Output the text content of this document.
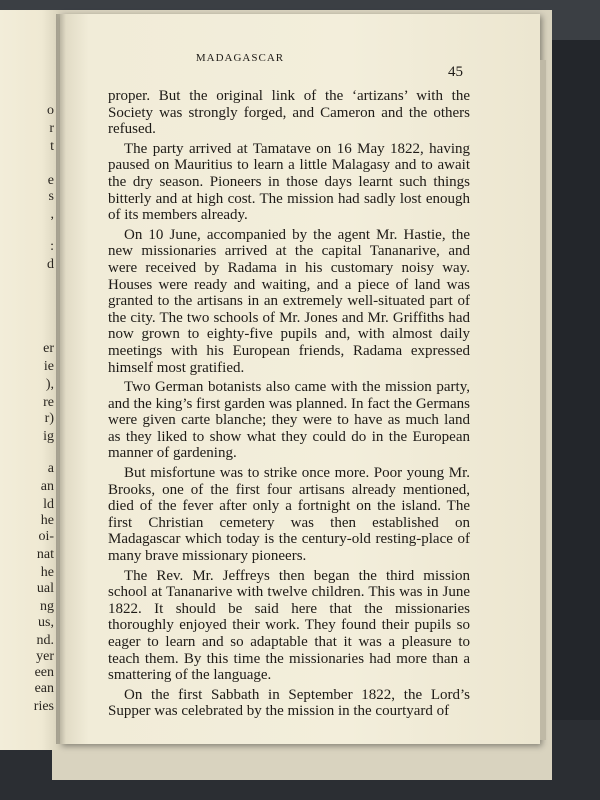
o
r
t
e
s
,
:
d
er
ie
),
re
r)
ig
a
an
ld
he
oi-
nat
he
ual
ng
us,
nd.
yer
een
ean
ries
MADAGASCAR
45

proper. But the original link of the ‘artizans’ with the Society was strongly forged, and Cameron and the others refused.

The party arrived at Tamatave on 16 May 1822, having paused on Mauritius to learn a little Malagasy and to await the dry season. Pioneers in those days learnt such things bitterly and at high cost. The mission had sadly lost enough of its members already.

On 10 June, accompanied by the agent Mr. Hastie, the new missionaries arrived at the capital Tananarive, and were received by Radama in his customary noisy way. Houses were ready and waiting, and a piece of land was granted to the artisans in an extremely well-situated part of the city. The two schools of Mr. Jones and Mr. Griffiths had now grown to eighty-five pupils and, with almost daily meetings with his European friends, Radama expressed himself most gratified.

Two German botanists also came with the mission party, and the king’s first garden was planned. In fact the Germans were given carte blanche; they were to have as much land as they liked to show what they could do in the European manner of gardening.

But misfortune was to strike once more. Poor young Mr. Brooks, one of the first four artisans already mentioned, died of the fever after only a fortnight on the island. The first Christian cemetery was then established on Madagascar which today is the century-old resting-place of many brave missionary pioneers.

The Rev. Mr. Jeffreys then began the third mission school at Tananarive with twelve children. This was in June 1822. It should be said here that the missionaries thoroughly enjoyed their work. They found their pupils so eager to learn and so adaptable that it was a pleasure to teach them. By this time the missionaries had more than a smattering of the language.

On the first Sabbath in September 1822, the Lord’s Supper was celebrated by the mission in the courtyard of
